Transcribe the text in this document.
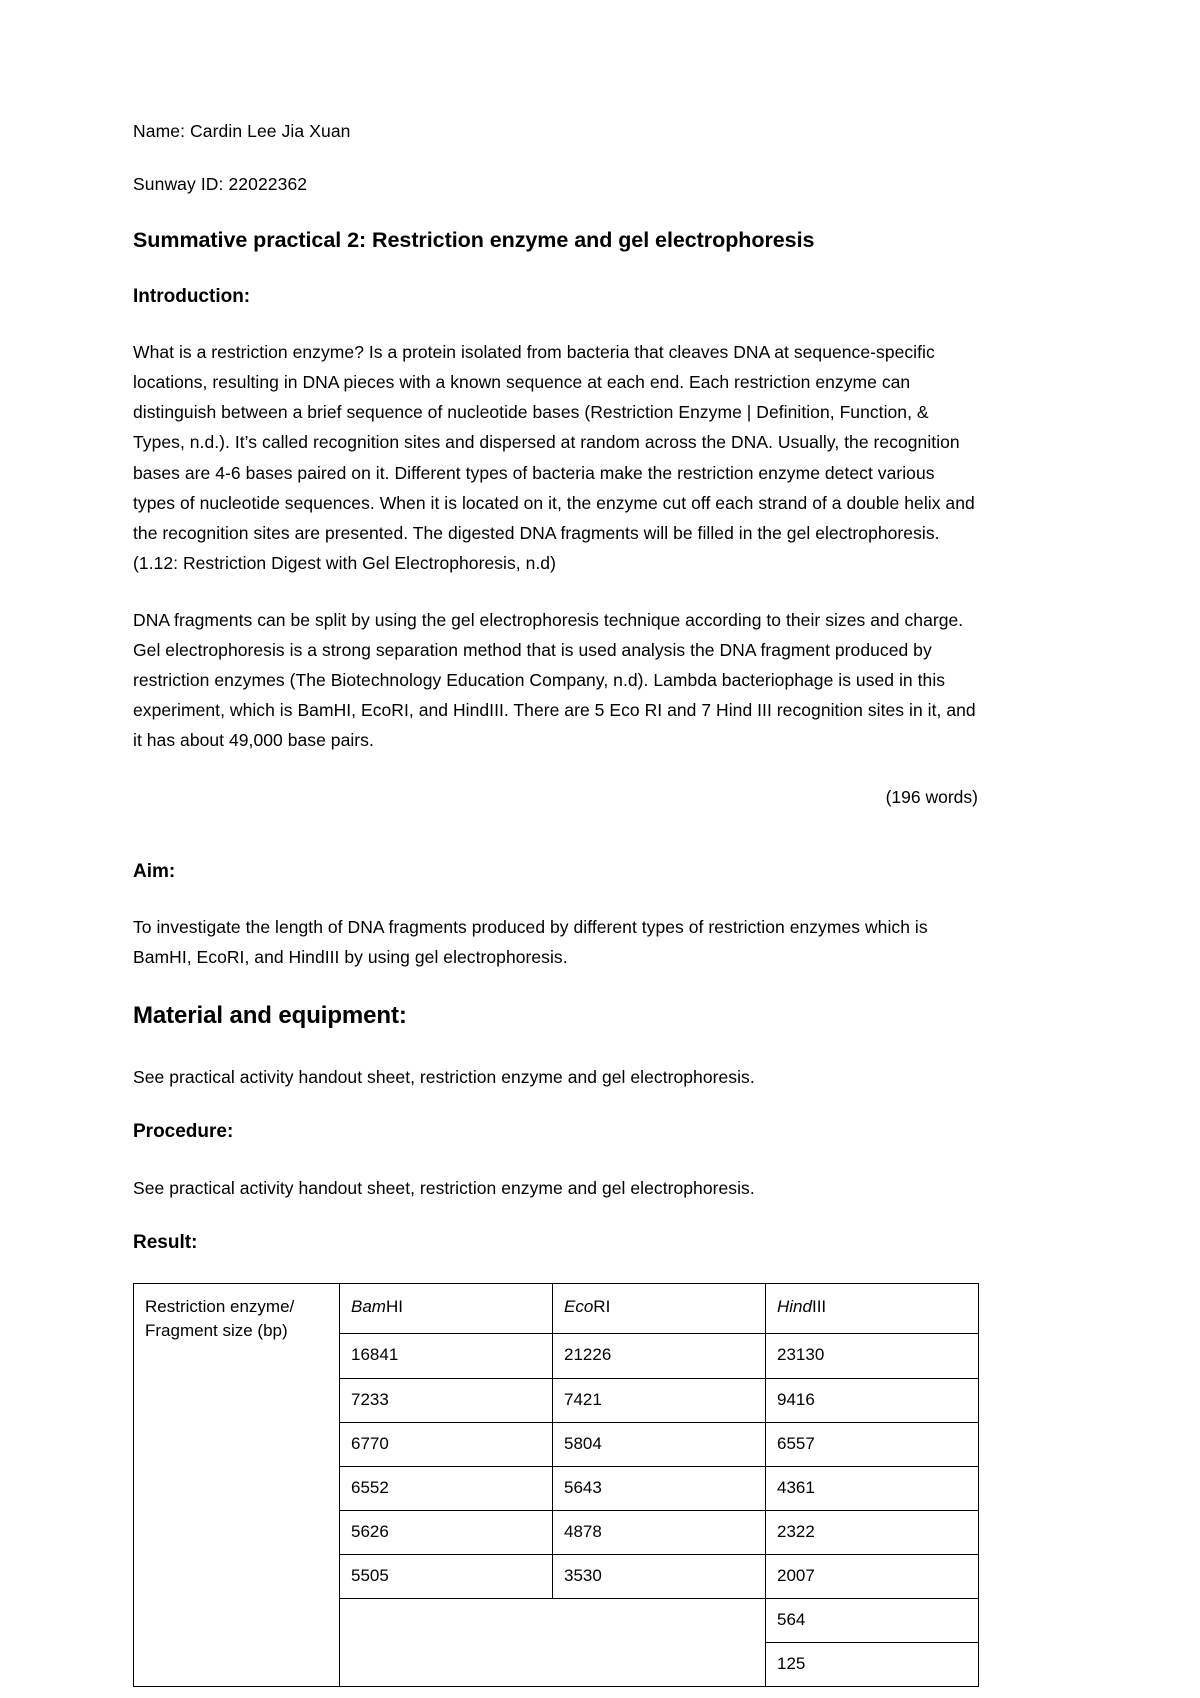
Name: Cardin Lee Jia Xuan
Sunway ID: 22022362
Summative practical 2: Restriction enzyme and gel electrophoresis
Introduction:

What is a restriction enzyme? Is a protein isolated from bacteria that cleaves DNA at sequence-specific locations, resulting in DNA pieces with a known sequence at each end. Each restriction enzyme can distinguish between a brief sequence of nucleotide bases (Restriction Enzyme | Definition, Function, & Types, n.d.). It’s called recognition sites and dispersed at random across the DNA. Usually, the recognition bases are 4-6 bases paired on it. Different types of bacteria make the restriction enzyme detect various types of nucleotide sequences. When it is located on it, the enzyme cut off each strand of a double helix and the recognition sites are presented. The digested DNA fragments will be filled in the gel electrophoresis. (1.12: Restriction Digest with Gel Electrophoresis, n.d)

DNA fragments can be split by using the gel electrophoresis technique according to their sizes and charge. Gel electrophoresis is a strong separation method that is used analysis the DNA fragment produced by restriction enzymes (The Biotechnology Education Company, n.d). Lambda bacteriophage is used in this experiment, which is BamHI, EcoRI, and HindIII. There are 5 Eco RI and 7 Hind III recognition sites in it, and it has about 49,000 base pairs.

(196 words)
Aim:

To investigate the length of DNA fragments produced by different types of restriction enzymes which is BamHI, EcoRI, and HindIII by using gel electrophoresis.

Material and equipment:

See practical activity handout sheet, restriction enzyme and gel electrophoresis.

Procedure:

See practical activity handout sheet, restriction enzyme and gel electrophoresis.

Result:
Restriction enzyme/
Fragment size (bp)	BamHI	EcoRI	HindIII
	16841	21226	23130
	7233	7421	9416
	6770	5804	6557
	6552	5643	4361
	5626	4878	2322
	5505	3530	2007
			564
			125
